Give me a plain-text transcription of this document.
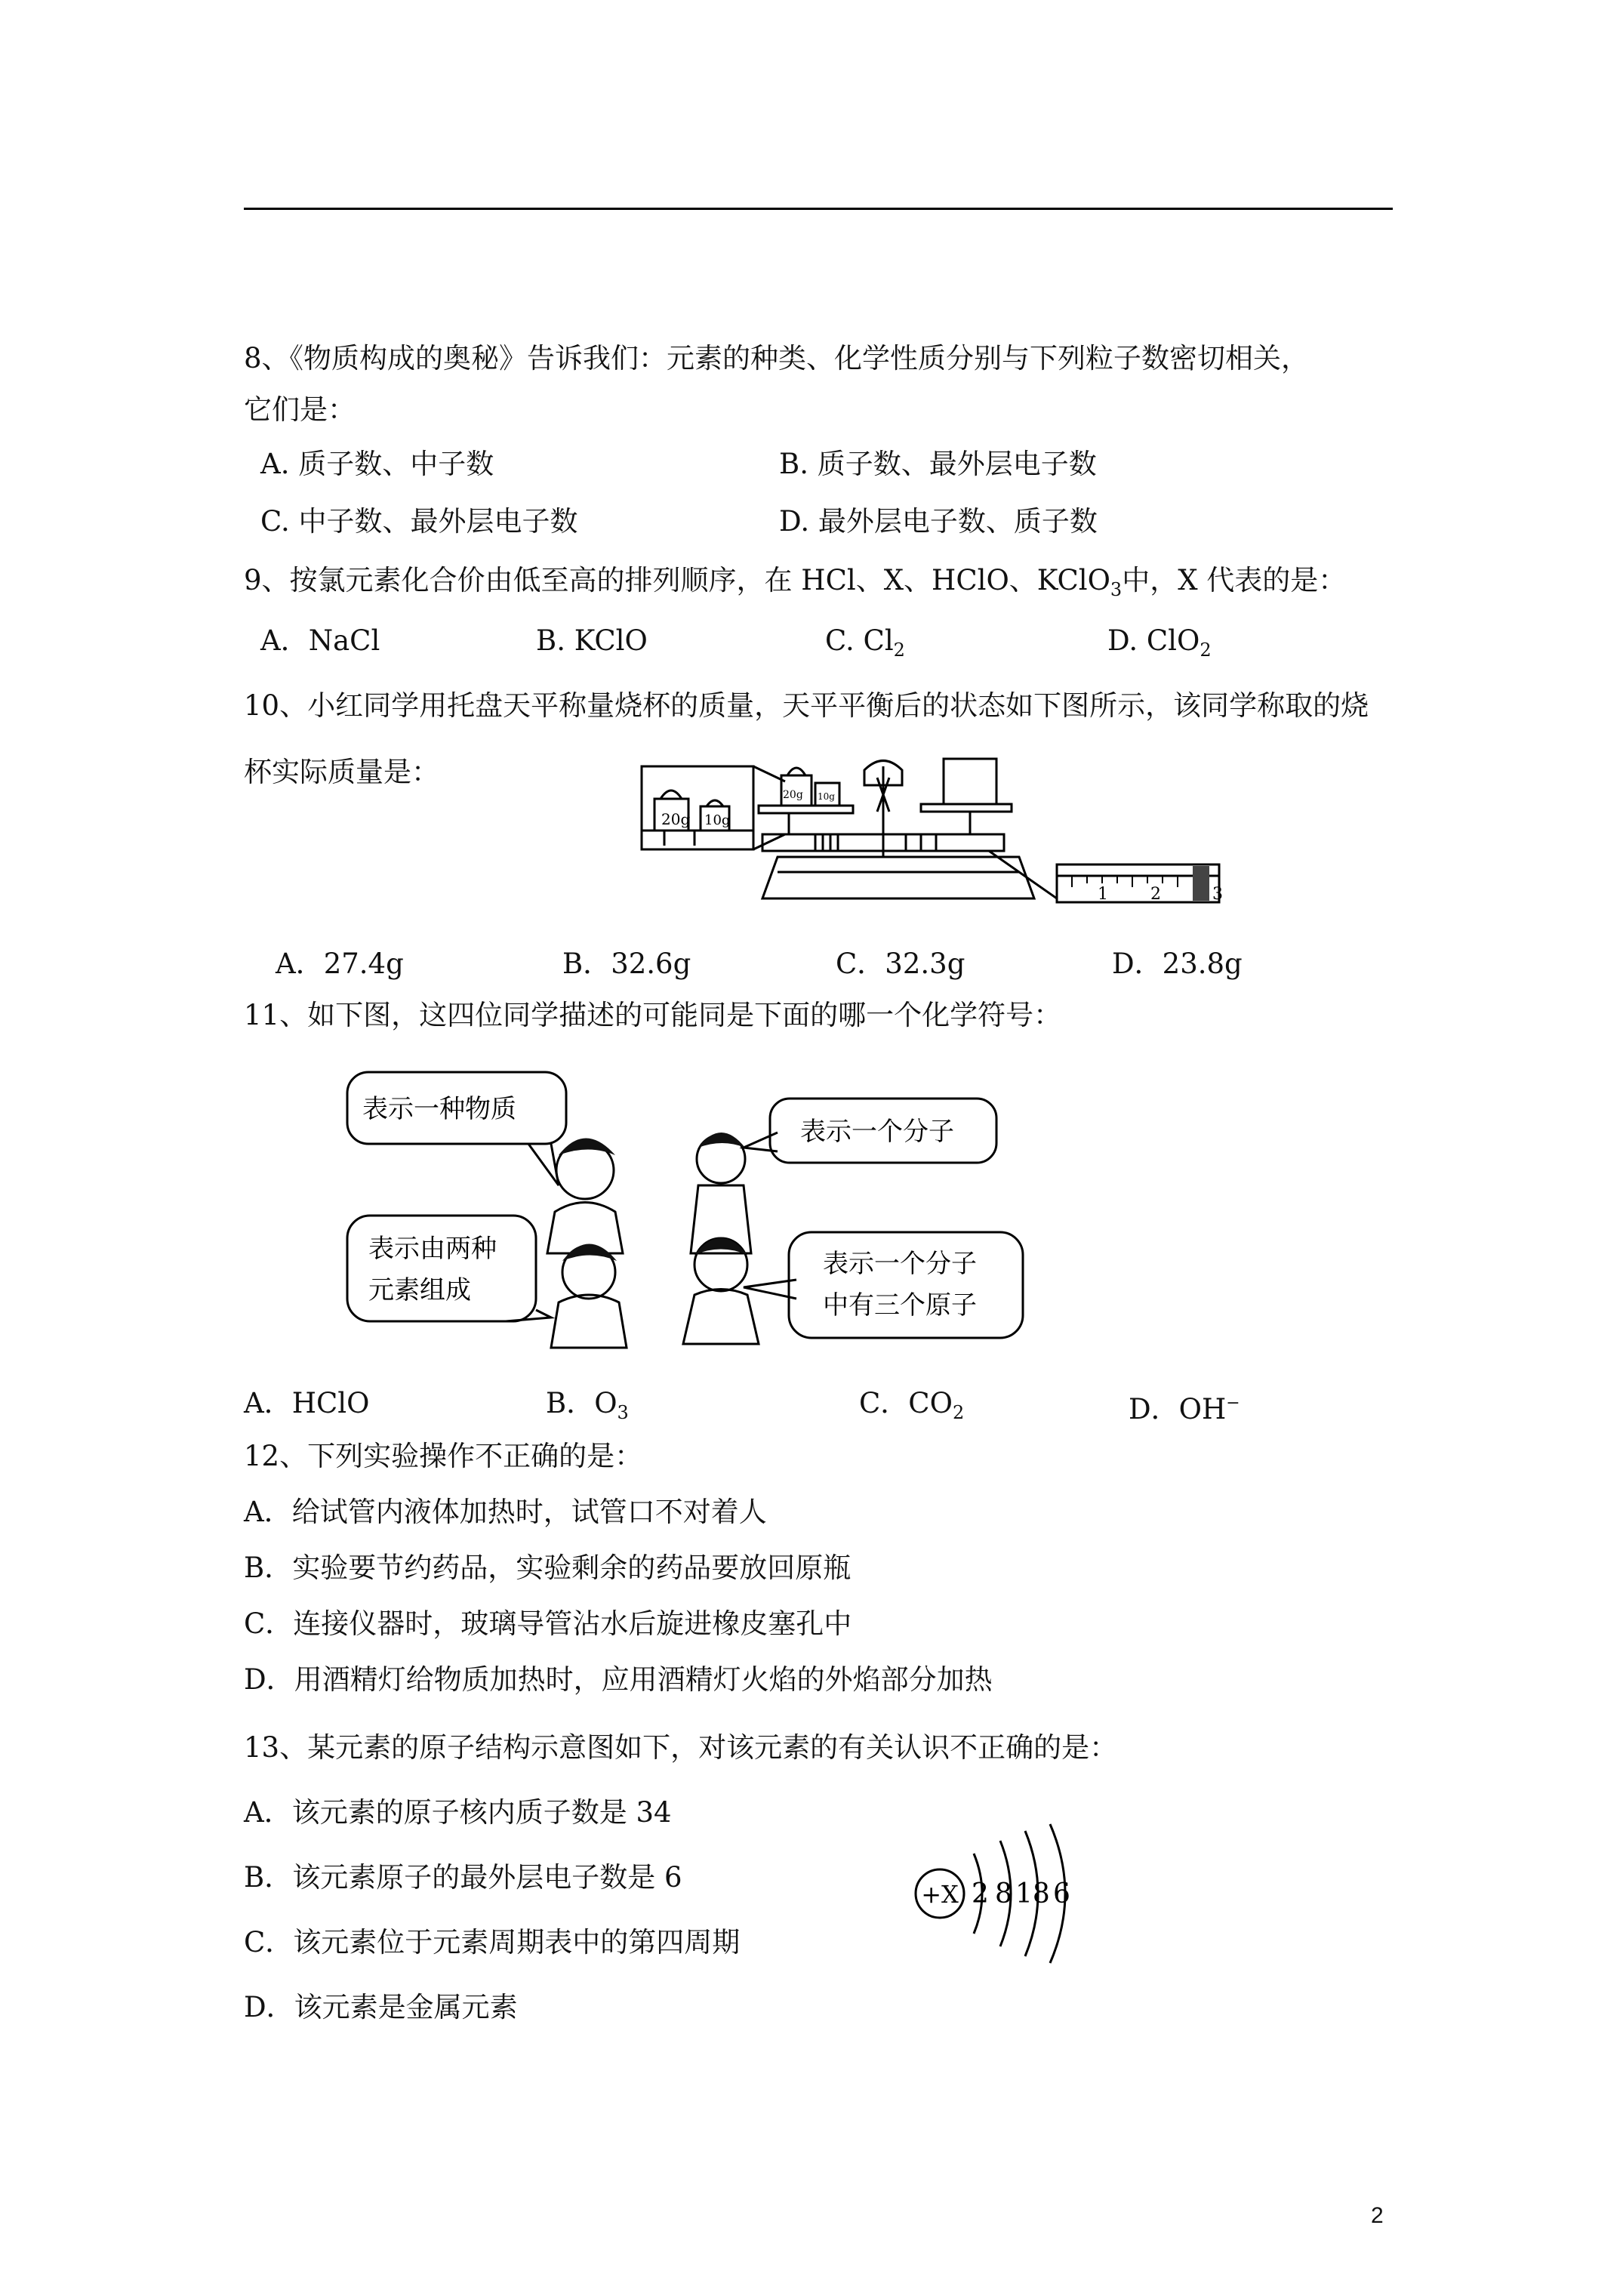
8、《物质构成的奥秘》告诉我们：元素的种类、化学性质分别与下列粒子数密切相关，
它们是：
A. 质子数、中子数	B. 质子数、最外层电子数
C. 中子数、最外层电子数	D. 最外层电子数、质子数
9、按氯元素化合价由低至高的排列顺序，在 HCl、X、HClO、KClO$_3$中，X 代表的是：
A．NaCl	B. KClO	C. $Cl_2$	D. ClO$_2$
10、小红同学用托盘天平称量烧杯的质量，天平平衡后的状态如下图所示，该同学称取的烧
杯实际质量是：
20g 10g
20g 10g
1	2	3
A．27.4g	B．32.6g	C．32.3g	D．23.8g
11、如下图，这四位同学描述的可能同是下面的哪一个化学符号：
表示一种物质
表示一个分子
表示由两种
元素组成
表示一个分子
中有三个原子
A．HClO	B．$O_3$	C．$CO_2$	D．OH−
12、下列实验操作不正确的是：
A．给试管内液体加热时，试管口不对着人
B．实验要节约药品，实验剩余的药品要放回原瓶
C．连接仪器时，玻璃导管沾水后旋进橡皮塞孔中
D．用酒精灯给物质加热时，应用酒精灯火焰的外焰部分加热
13、某元素的原子结构示意图如下，对该元素的有关认识不正确的是：
A．该元素的原子核内质子数是 34
B．该元素原子的最外层电子数是 6
C．该元素位于元素周期表中的第四周期
D．该元素是金属元素
+X 2 8 18 6
2
